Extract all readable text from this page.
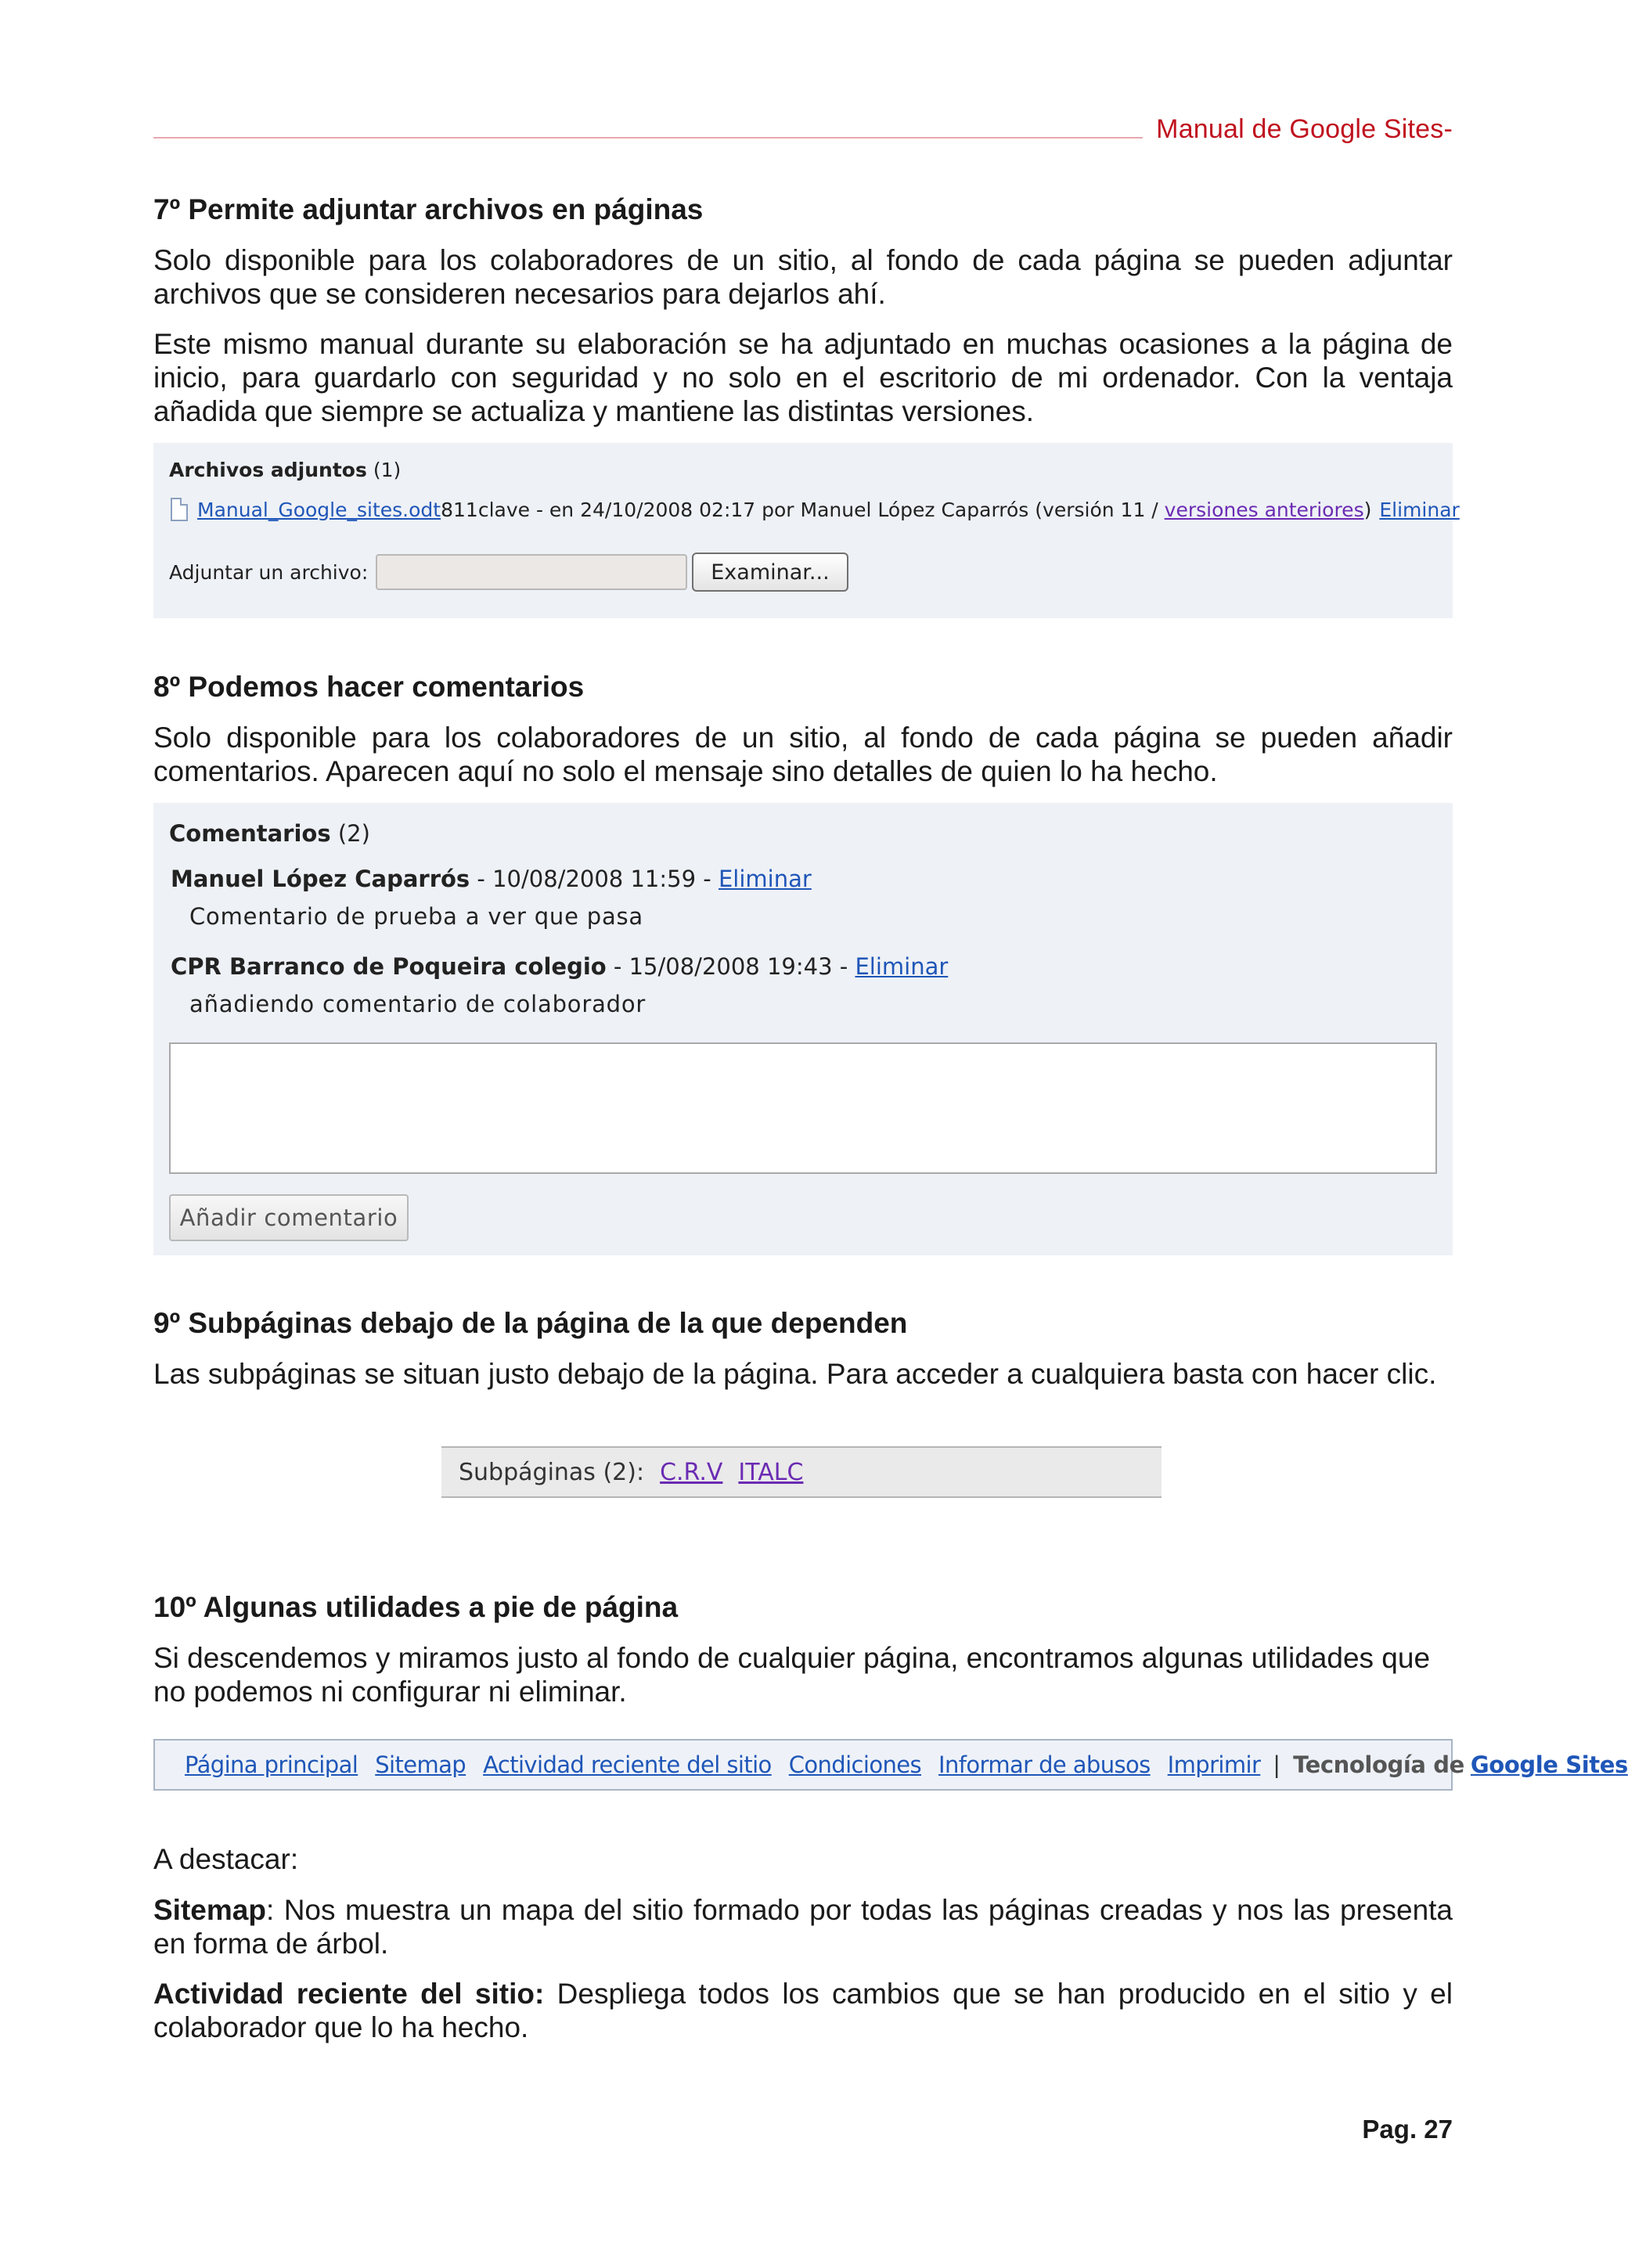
Manual de Google Sites-
7º Permite adjuntar archivos en páginas

Solo disponible para los colaboradores de un sitio, al fondo de cada página se pueden adjuntar archivos que se consideren necesarios para dejarlos ahí.

Este mismo manual durante su elaboración se ha adjuntado en muchas ocasiones a la página de inicio, para guardarlo con seguridad y no solo en el escritorio de mi ordenador. Con la ventaja añadida que siempre se actualiza y mantiene las distintas versiones.

Archivos adjuntos (1)
Manual_Google_sites.odt 811clave - en 24/10/2008 02:17 por Manuel López Caparrós (versión 11 / versiones anteriores ) Eliminar
Adjuntar un archivo:	Examinar...
8º Podemos hacer comentarios

Solo disponible para los colaboradores de un sitio, al fondo de cada página se pueden añadir comentarios. Aparecen aquí no solo el mensaje sino detalles de quien lo ha hecho.

Comentarios (2)
Manuel López Caparrós - 10/08/2008 11:59 - Eliminar
Comentario de prueba a ver que pasa
CPR Barranco de Poqueira colegio - 15/08/2008 19:43 - Eliminar
añadiendo comentario de colaborador
Añadir comentario
9º Subpáginas debajo de la página de la que dependen

Las subpáginas se situan justo debajo de la página. Para acceder a cualquiera basta con hacer clic.

Subpáginas (2): C.R.V ITALC
10º Algunas utilidades a pie de página

Si descendemos y miramos justo al fondo de cualquier página, encontramos algunas utilidades que no podemos ni configurar ni eliminar.

Página principal Sitemap Actividad reciente del sitio Condiciones Informar de abusos Imprimir | Tecnología de Google Sites

A destacar:

Sitemap: Nos muestra un mapa del sitio formado por todas las páginas creadas y nos las presenta en forma de árbol.

Actividad reciente del sitio: Despliega todos los cambios que se han producido en el sitio y el colaborador que lo ha hecho.

Pag. 27
